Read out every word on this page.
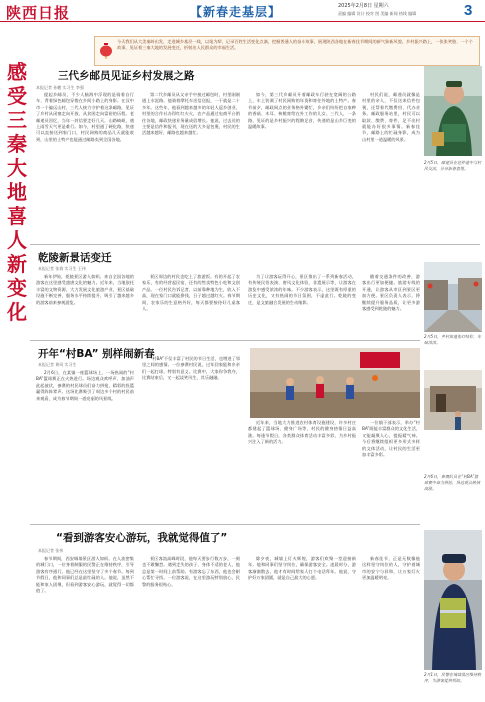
陕西日报	【新春走基层】	2025年2月8日 星期六
责编 编辑 设计 校对 图 美编 新闻 热线 编辑	3
今天我们从大美秦岭出发，走进城乡基层一线，以笔为犁，记录百姓生活变化点滴，挖掘普通人的奋斗故事，展现陕西各地在新春佳节期间的新气象新风貌。乡村振兴路上，一张张笑脸、一个个故事，见证着三秦大地的发展变迁，折射出人民群众的幸福生活。
感
受
三
秦
大
地
喜
人
新
变
化
三代乡邮员见证乡村发展之路
本报记者 孙鹏 实习生 李强

提起乡邮员，不少人脑海中浮现的是骑着自行车、背着绿色邮包穿梭在乡间小路上的身影。在汉中市一个偏远山村，三代人接力守护着这条邮路，见证了乡村从闭塞走向开放、从贫困走向富裕的历程。老邮递员回忆，当年一封信要走好几天，山路崎岖，遇上雨雪天气更是难行。如今，村里通了硬化路，快递可以直接送到家门口，村民网购的商品几天就能收到，山里的土特产也能通过邮路卖到全国各地。

第二代乡邮员从父亲手中接过邮包时，村里刚刚通上水泥路。他骑着摩托车送信送报，一干就是二十多年。这些年，他看到越来越多的年轻人返乡创业，村里的合作社办得红红火火，农产品通过电商平台销往各地，邮政快递业务量成倍增长。他说，过去送的主要是信件和报刊，现在送的大多是包裹，村民的生活越来越好，邮路也越来越忙。

如今，第三代乡邮员开着邮政车行驶在宽阔的公路上，车上装满了村民网购的年货和寄往外地的土特产。春节前夕，邮政网点的业务格外繁忙，乡亲们纷纷把自家种的香菇、木耳、核桃寄给在外工作的儿女。三代人，一条路，见证的是乡村振兴的铿锵足音，传递的是山乡巨变的温暖故事。

村民们说，邮递员就像是村里的亲人，不仅送来信件包裹，还帮着代缴费用、代办业务。邮政服务站里，村民可以取款、缴费、寄件，足不出村就能办好很多事情。新春佳节，邮路上的忙碌身影，成为山村里一道温暖的风景。

2月5日，邮递员在送件途中与村民交流，分享新春喜悦。
乾陵新景话变迁
本报记者 张倩 实习生 王伟

新年伊始，乾陵景区游人如织。来自全国各地的游客在这里感受盛唐文化的魅力。近年来，当地依托丰富的文物资源，大力发展文化旅游产业，景区基础设施不断完善，服务水平持续提升，吸引了越来越多的游客前来参观游览。

景区周边的村民也吃上了旅游饭。有的开起了农家乐，有的经营起民宿，还有的售卖特色小吃和文创产品。一位村民告诉记者，以前靠种地为生，收入不高，现在家门口就能挣钱，日子越过越红火。春节期间，农家乐的生意格外好，每天都要接待好几桌客人。

为了让游客玩得开心，景区推出了一系列新春活动，有传统民俗表演、唐风文化体验、非遗展示等，让游客在游览中感受浓浓的年味。不少游客表示，这里既有厚重的历史文化，又有热闹的节日氛围，不虚此行。乾陵的变迁，是文旅融合发展的生动缩影。

随着交通条件的改善，游客出行更加便捷。旅游专线的开通，让游客从市区到景区更加方便。景区负责人表示，将继续提升服务品质，让更多游客感受到乾陵的魅力。

2月5日，乡村街道张灯结彩，年味浓浓。
开年“村BA” 别样闹新春
本报记者 黄珂 实习生

2月6日，在某镇一座篮球场上，一场热闹的“村BA”篮球赛正在火热进行。场边观众欢呼声、加油声此起彼伏，参赛的村民球员们奋力拼抢，精彩的投篮赢得阵阵掌声。这场比赛吸引了周边多个村的村民前来观看，成为春节期间一道亮丽的风景线。

“村BA”不仅丰富了村民的节日生活，也增进了邻里之间的感情。一位参赛村民说，过年回家能和乡亲们一起打球，特别有意义。比赛中，大家你争我夺，比赛结束后，又一起谈笑风生，其乐融融。

近年来，当地大力推进农村体育设施建设，许多村庄都建起了篮球场、健身广场等，村民的健身热情日益高涨。每逢节假日，各类群众体育活动丰富多彩，为乡村振兴注入了新的活力。

一位镇干部表示，举办“村BA”既能丰富群众的文化生活，又能凝聚人心，提振精气神。今后将继续组织更多形式多样的文体活动，让村民的生活更加丰富多彩。

2月6日，参赛队员在“村BA”篮球赛中奋力拼抢，场边观众热情高涨。
“看到游客安心游玩，我就觉得值了”
本报记者 张伟

春节期间，西安城墙景区游人如织。在人流密集的城门口，一位身着制服的民警正在维持秩序，引导游客有序通行。他已经在这里坚守了多个春节。每到节假日，他和同事们总是最忙碌的人。他说，虽然不能和家人团聚，但看到游客安心游玩，就觉得一切都值了。

景区客流高峰时段，他每天要步行数万步，一刻也不敢懈怠。遇到走失的孩子、身体不适的老人，他总是第一时间上前帮助。有游客忘了东西，他也会耐心帮忙寻找。一位游客说，在这里游玩特别放心，民警的服务很贴心。

除夕夜，城墙上灯火辉煌，游客们欢聚一堂迎接新年。他和同事们坚守岗位，确保游客安全。凌晨时分，游客渐渐散去，他才有时间给家人打个电话拜年。他说，守护好万家团圆，就是自己最大的心愿。

新春佳节，正是无数像他这样坚守岗位的人，守护着城市的安宁与祥和，让万家灯火更加温暖明亮。

2月1日，民警在城墙景区维持秩序，为游客提供帮助。
